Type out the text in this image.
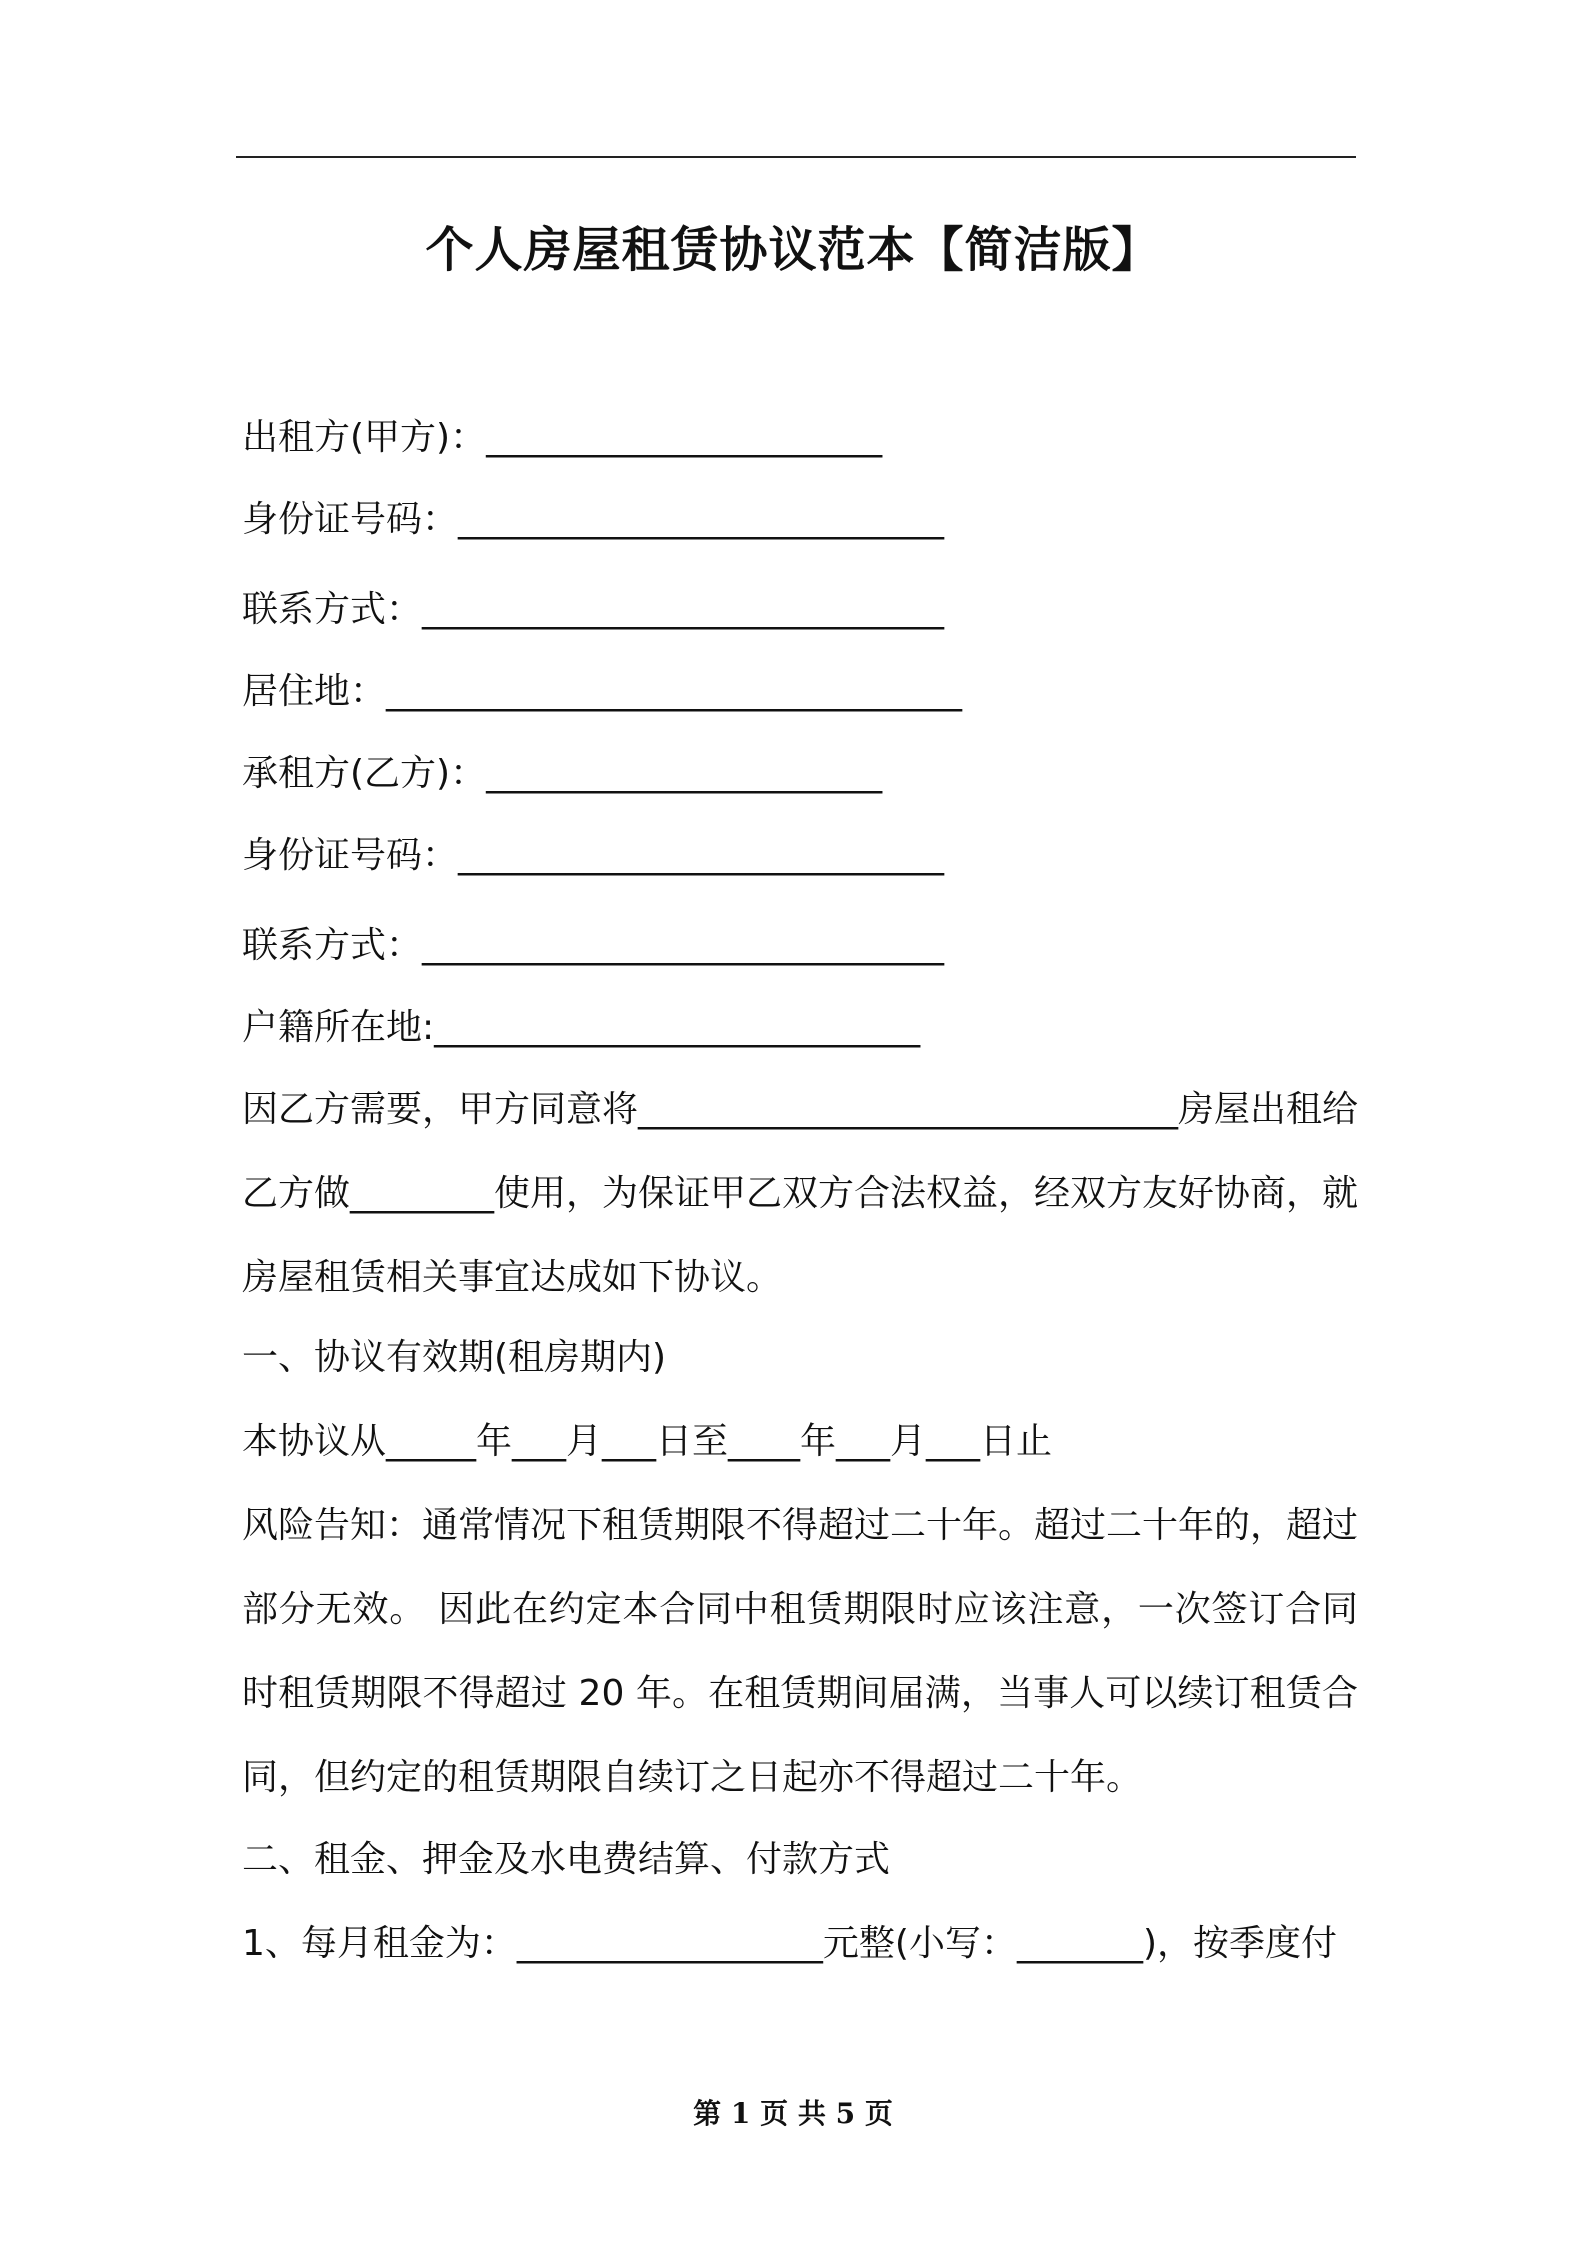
个人房屋租赁协议范本【简洁版】
出租方(甲方)：______________________
身份证号码：___________________________
联系方式：_____________________________
居住地：________________________________
承租方(乙方)：______________________
身份证号码：___________________________
联系方式：_____________________________
户籍所在地:___________________________
因乙方需要，甲方同意将______________________________房屋出租给乙方做________使用，为保证甲乙双方合法权益，经双方友好协商，就房屋租赁相关事宜达成如下协议。
一、协议有效期(租房期内)
本协议从_____年___月___日至____年___月___日止
风险告知：通常情况下租赁期限不得超过二十年。超过二十年的，超过部分无效。 因此在约定本合同中租赁期限时应该注意，一次签订合同时租赁期限不得超过 20 年。在租赁期间届满，当事人可以续订租赁合同，但约定的租赁期限自续订之日起亦不得超过二十年。
二、租金、押金及水电费结算、付款方式
1、每月租金为：_________________元整(小写：_______)，按季度付
第 1 页 共 5 页
